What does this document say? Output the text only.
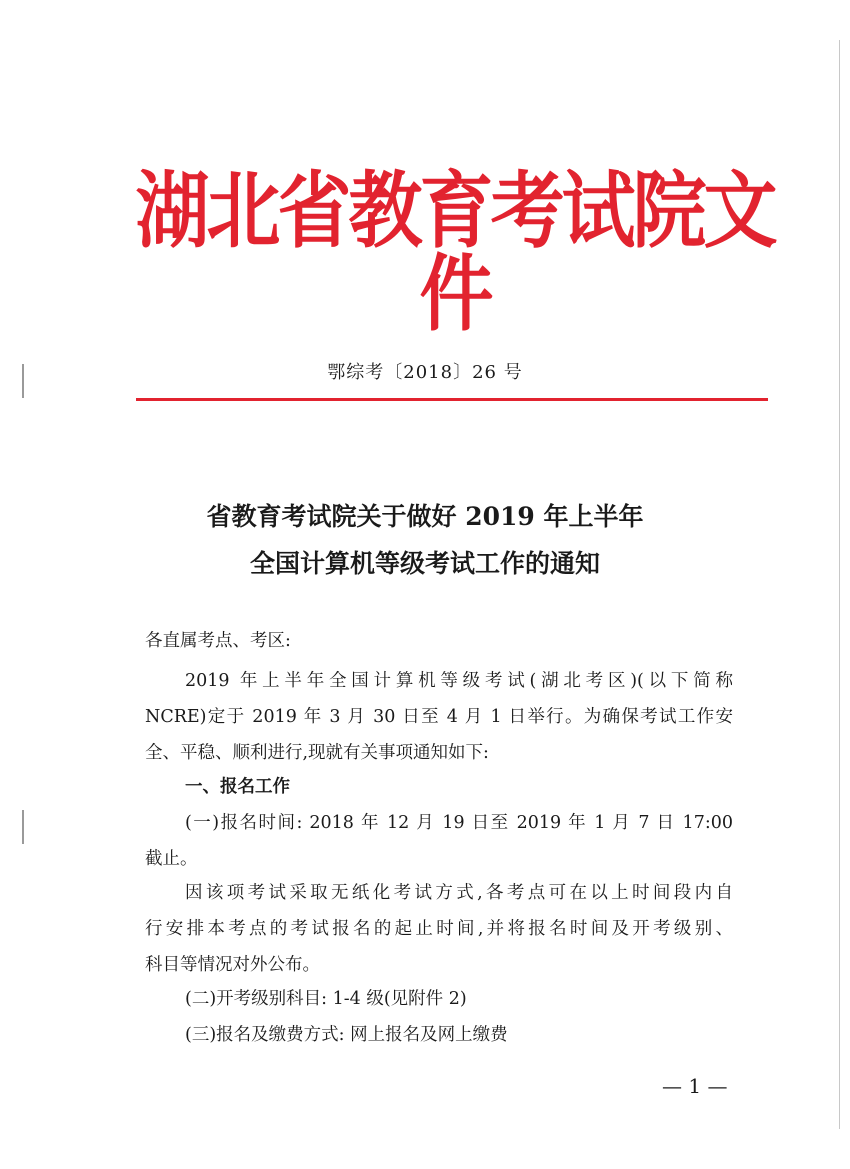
湖北省教育考试院文件
鄂综考〔2018〕26 号
省教育考试院关于做好 2019 年上半年
全国计算机等级考试工作的通知
各直属考点、考区:
2019 年上半年全国计算机等级考试(湖北考区)(以下简称
NCRE)定于 2019 年 3 月 30 日至 4 月 1 日举行。为确保考试工作安
全、平稳、顺利进行,现就有关事项通知如下:
一、报名工作
(一)报名时间: 2018 年 12 月 19 日至 2019 年 1 月 7 日 17:00
截止。
因该项考试采取无纸化考试方式,各考点可在以上时间段内自
行安排本考点的考试报名的起止时间,并将报名时间及开考级别、
科目等情况对外公布。
(二)开考级别科目: 1-4 级(见附件 2)
(三)报名及缴费方式: 网上报名及网上缴费
— 1 —
